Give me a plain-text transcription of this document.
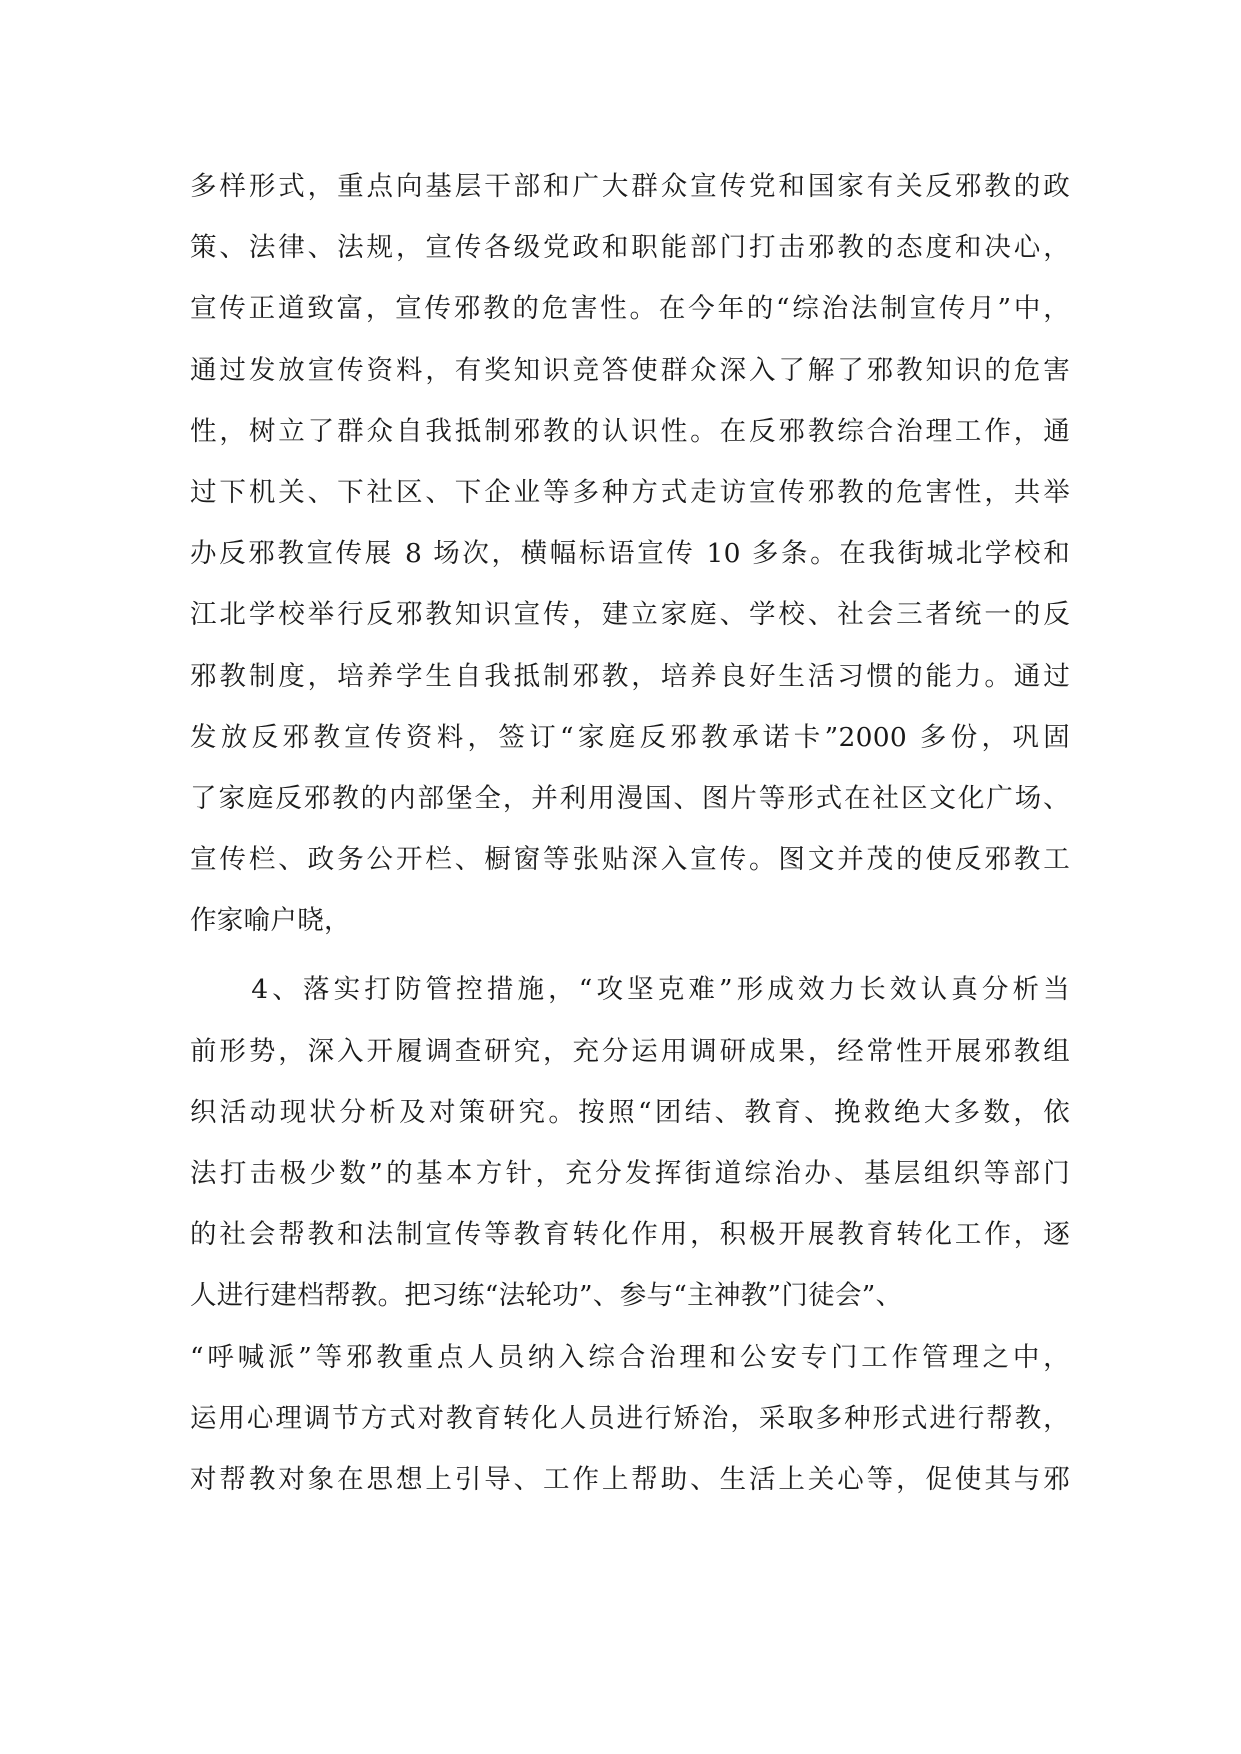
多样形式，重点向基层干部和广大群众宣传党和国家有关反邪教的政
策、法律、法规，宣传各级党政和职能部门打击邪教的态度和决心，
宣传正道致富，宣传邪教的危害性。在今年的“综治法制宣传月”中，
通过发放宣传资料，有奖知识竞答使群众深入了解了邪教知识的危害
性，树立了群众自我抵制邪教的认识性。在反邪教综合治理工作，通
过下机关、下社区、下企业等多种方式走访宣传邪教的危害性，共举
办反邪教宣传展 8 场次，横幅标语宣传 10 多条。在我街城北学校和
江北学校举行反邪教知识宣传，建立家庭、学校、社会三者统一的反
邪教制度，培养学生自我抵制邪教，培养良好生活习惯的能力。通过
发放反邪教宣传资料，签订“家庭反邪教承诺卡”2000 多份，巩固
了家庭反邪教的内部堡全，并利用漫国、图片等形式在社区文化广场、
宣传栏、政务公开栏、橱窗等张贴深入宣传。图文并茂的使反邪教工
作家喻户晓，
　　4、落实打防管控措施，“攻坚克难”形成效力长效认真分析当
前形势，深入开履调查研究，充分运用调研成果，经常性开展邪教组
织活动现状分析及对策研究。按照“团结、教育、挽救绝大多数，依
法打击极少数”的基本方针，充分发挥街道综治办、基层组织等部门
的社会帮教和法制宣传等教育转化作用，积极开展教育转化工作，逐
人进行建档帮教。把习练“法轮功”、参与“主神教”门徒会”、
“呼喊派”等邪教重点人员纳入综合治理和公安专门工作管理之中，
运用心理调节方式对教育转化人员进行矫治，采取多种形式进行帮教，
对帮教对象在思想上引导、工作上帮助、生活上关心等，促使其与邪
